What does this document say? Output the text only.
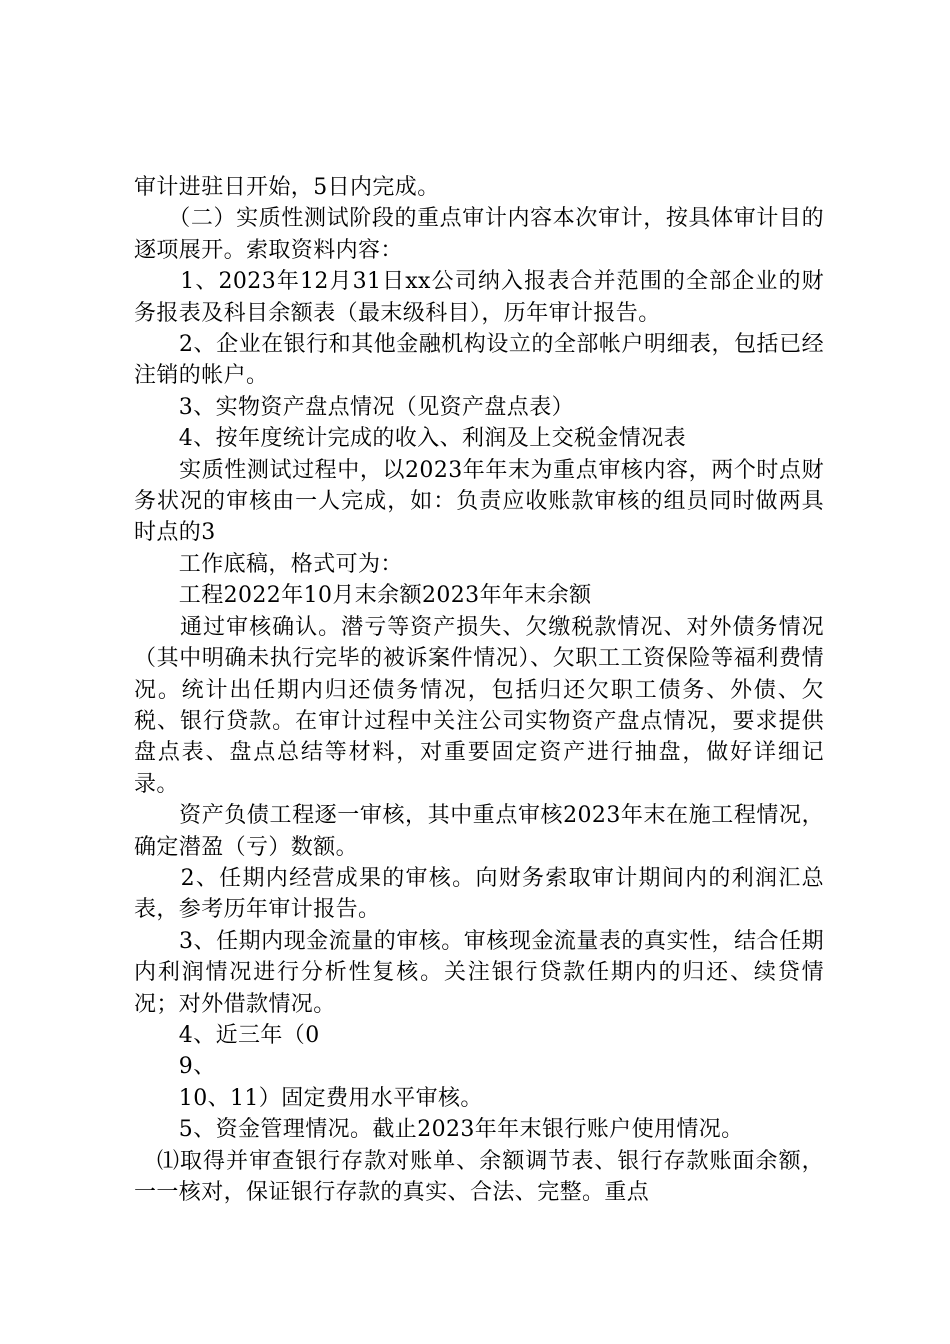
审计进驻日开始，5日内完成。

　　（二）实质性测试阶段的重点审计内容本次审计，按具体审计目的逐项展开。索取资料内容：

　　1、2023年12月31日xx公司纳入报表合并范围的全部企业的财务报表及科目余额表（最末级科目），历年审计报告。

　　2、企业在银行和其他金融机构设立的全部帐户明细表，包括已经注销的帐户。

　　3、实物资产盘点情况（见资产盘点表）

　　4、按年度统计完成的收入、利润及上交税金情况表

　　实质性测试过程中，以2023年年末为重点审核内容，两个时点财务状况的审核由一人完成，如：负责应收账款审核的组员同时做两具时点的3

　　工作底稿，格式可为：

　　工程2022年10月末余额2023年年末余额

　　通过审核确认。潜亏等资产损失、欠缴税款情况、对外债务情况（其中明确未执行完毕的被诉案件情况）、欠职工工资保险等福利费情况。统计出任期内归还债务情况，包括归还欠职工债务、外债、欠税、银行贷款。在审计过程中关注公司实物资产盘点情况，要求提供盘点表、盘点总结等材料，对重要固定资产进行抽盘，做好详细记录。

　　资产负债工程逐一审核，其中重点审核2023年末在施工程情况，确定潜盈（亏）数额。

　　2、任期内经营成果的审核。向财务索取审计期间内的利润汇总表，参考历年审计报告。

　　3、任期内现金流量的审核。审核现金流量表的真实性，结合任期内利润情况进行分析性复核。关注银行贷款任期内的归还、续贷情况；对外借款情况。

　　4、近三年（0

　　9、

　　10、11）固定费用水平审核。

　　5、资金管理情况。截止2023年年末银行账户使用情况。

　⑴取得并审查银行存款对账单、余额调节表、银行存款账面余额，一一核对，保证银行存款的真实、合法、完整。重点
